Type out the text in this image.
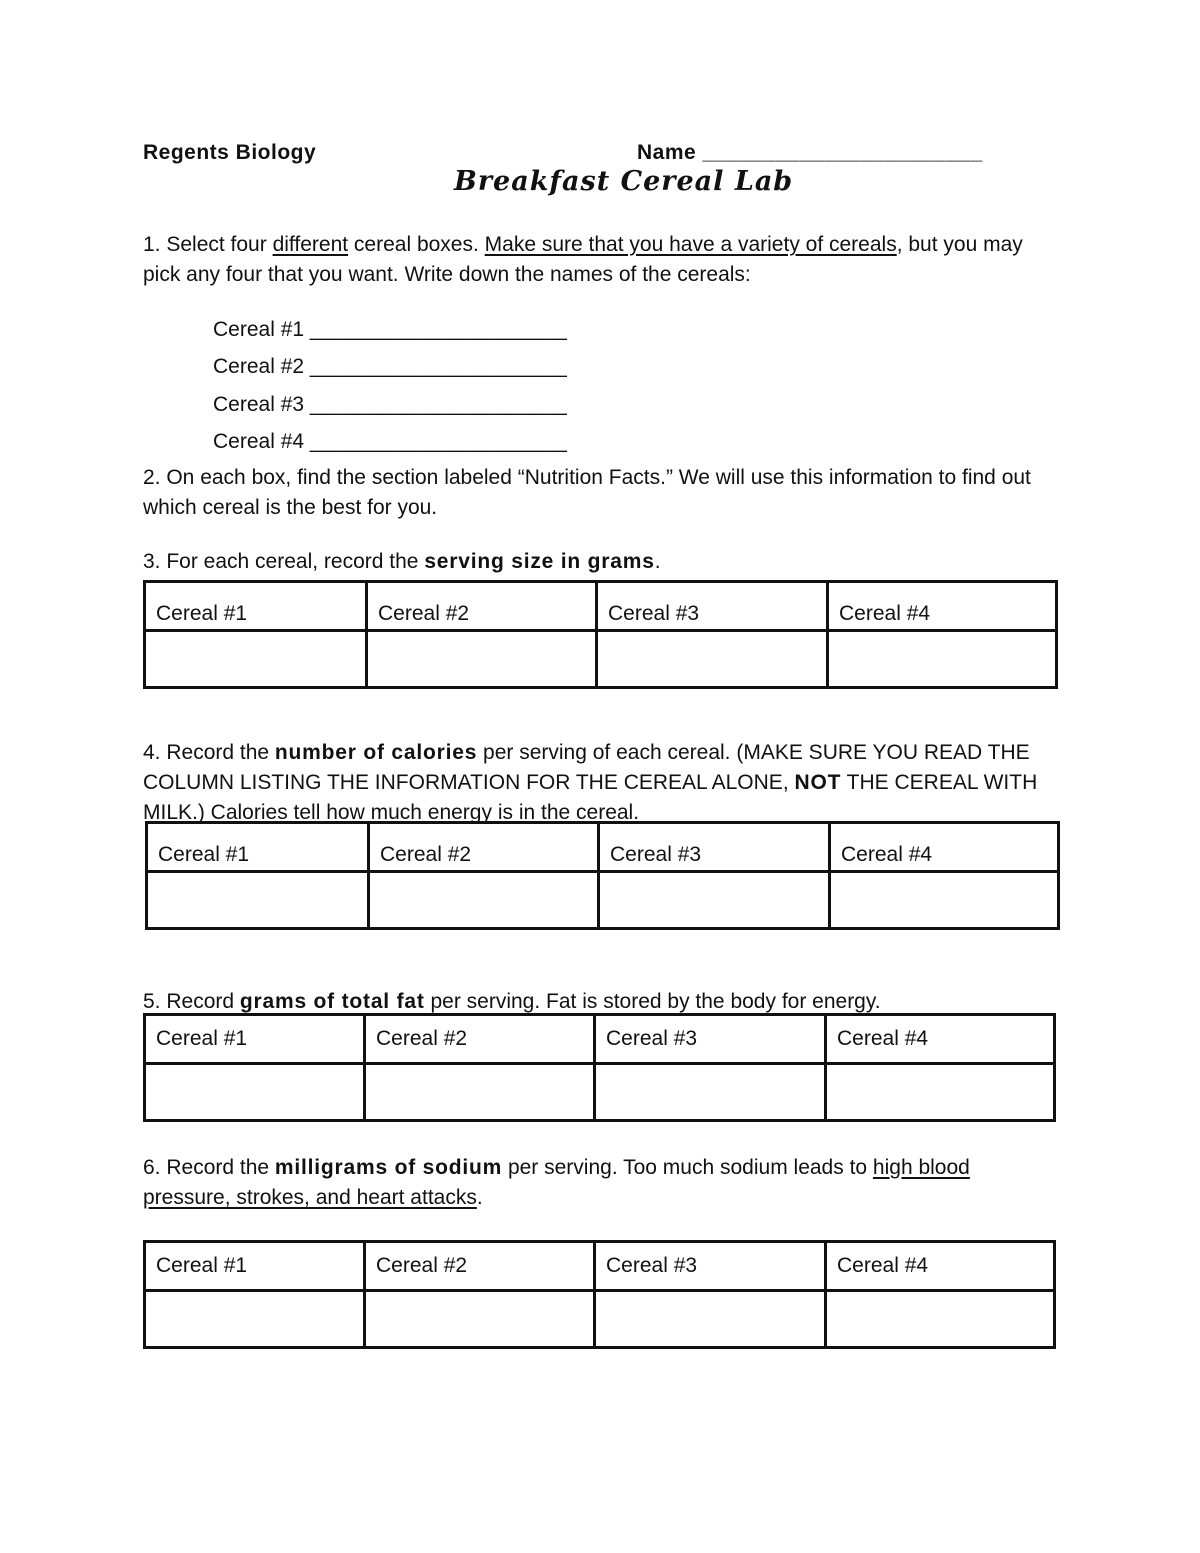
Regents Biology	Name _______________________
Breakfast Cereal Lab
1. Select four different cereal boxes. Make sure that you have a variety of cereals, but you may pick any four that you want. Write down the names of the cereals:
Cereal #1 ______________________
Cereal #2 ______________________
Cereal #3 ______________________
Cereal #4 ______________________
2. On each box, find the section labeled “Nutrition Facts.” We will use this information to find out which cereal is the best for you.
3. For each cereal, record the serving size in grams.
Cereal #1	Cereal #2	Cereal #3	Cereal #4

4. Record the number of calories per serving of each cereal. (MAKE SURE YOU READ THE COLUMN LISTING THE INFORMATION FOR THE CEREAL ALONE, NOT THE CEREAL WITH MILK.) Calories tell how much energy is in the cereal.
Cereal #1	Cereal #2	Cereal #3	Cereal #4

5. Record grams of total fat per serving. Fat is stored by the body for energy.
Cereal #1	Cereal #2	Cereal #3	Cereal #4

6. Record the milligrams of sodium per serving. Too much sodium leads to high blood pressure, strokes, and heart attacks.
Cereal #1	Cereal #2	Cereal #3	Cereal #4
